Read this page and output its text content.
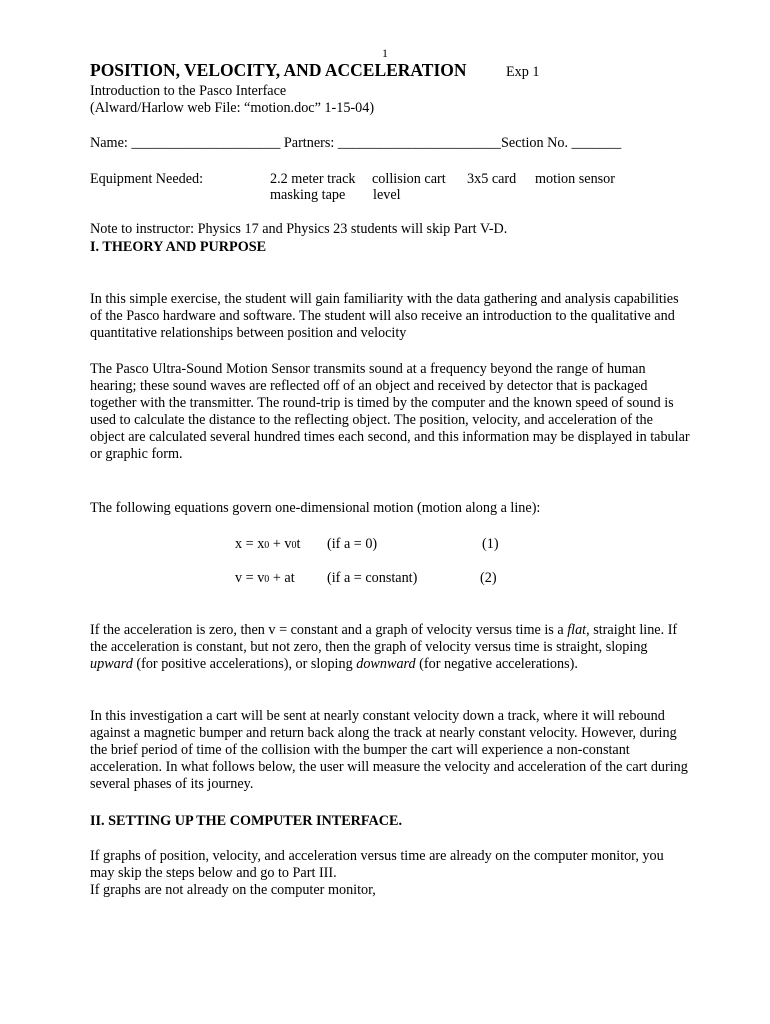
1
POSITION, VELOCITY, AND ACCELERATION	Exp 1
Introduction to the Pasco Interface
(Alward/Harlow web File: “motion.doc” 1-15-04)
Name: _____________________ Partners: _______________________Section No. _______
Equipment Needed:	2.2 meter track collision cart 3x5 card motion sensor
masking tape level
Note to instructor: Physics 17 and Physics 23 students will skip Part V-D.
I. THEORY AND PURPOSE

In this simple exercise, the student will gain familiarity with the data gathering and analysis capabilities of the Pasco hardware and software. The student will also receive an introduction to the qualitative and quantitative relationships between position and velocity

The Pasco Ultra-Sound Motion Sensor transmits sound at a frequency beyond the range of human hearing; these sound waves are reflected off of an object and received by detector that is packaged together with the transmitter. The round-trip is timed by the computer and the known speed of sound is used to calculate the distance to the reflecting object. The position, velocity, and acceleration of the object are calculated several hundred times each second, and this information may be displayed in tabular or graphic form.

The following equations govern one-dimensional motion (motion along a line):

x = x0 + v0t (if a = 0)	(1)
v = v0 + at (if a = constant)	(2)

If the acceleration is zero, then v = constant and a graph of velocity versus time is a flat, straight line. If the acceleration is constant, but not zero, then the graph of velocity versus time is straight, sloping upward (for positive accelerations), or sloping downward (for negative accelerations).

In this investigation a cart will be sent at nearly constant velocity down a track, where it will rebound against a magnetic bumper and return back along the track at nearly constant velocity. However, during the brief period of time of the collision with the bumper the cart will experience a non-constant acceleration. In what follows below, the user will measure the velocity and acceleration of the cart during several phases of its journey.

II. SETTING UP THE COMPUTER INTERFACE.

If graphs of position, velocity, and acceleration versus time are already on the computer monitor, you may skip the steps below and go to Part III.

If graphs are not already on the computer monitor,
